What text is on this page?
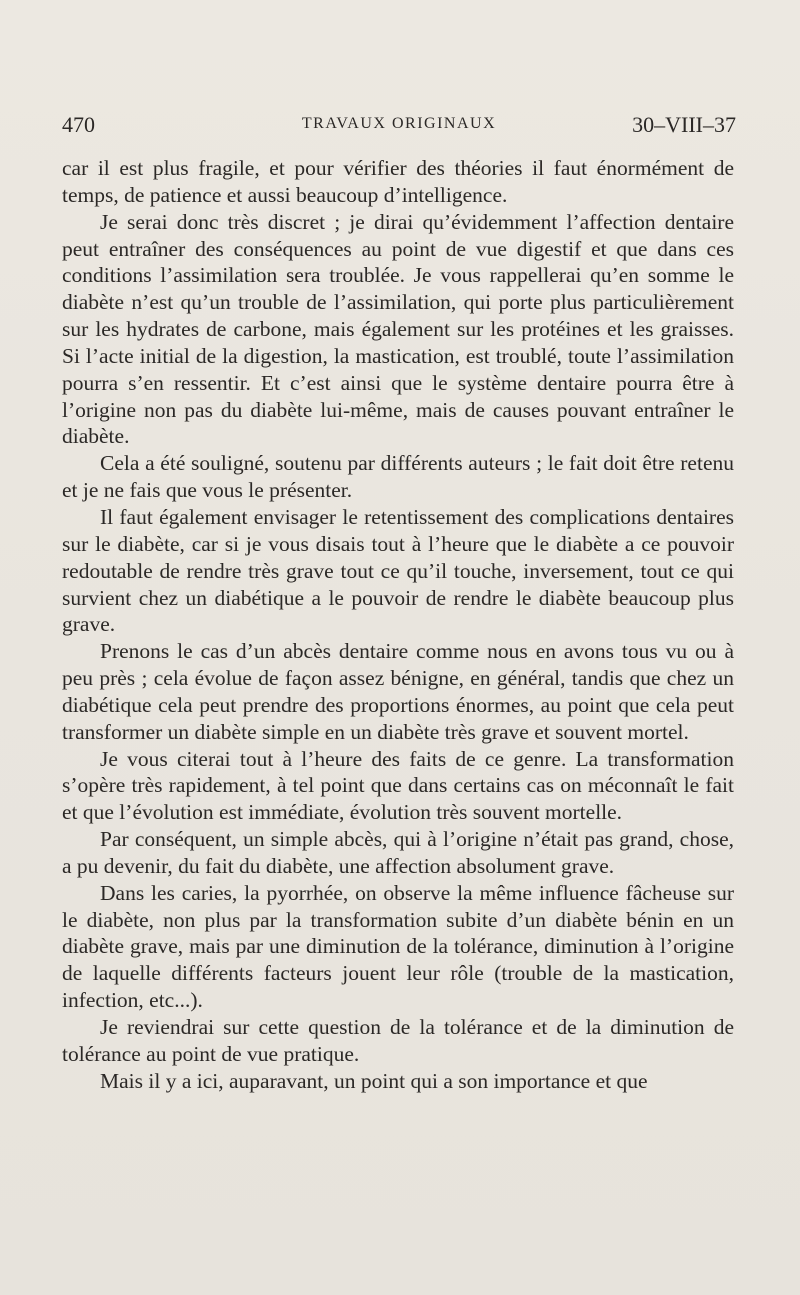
470	TRAVAUX ORIGINAUX	30–VIII–37

car il est plus fragile, et pour vérifier des théories il faut énormément de temps, de patience et aussi beaucoup d’intelligence.

Je serai donc très discret ; je dirai qu’évidemment l’affection dentaire peut entraîner des conséquences au point de vue digestif et que dans ces conditions l’assimilation sera troublée. Je vous rappellerai qu’en somme le diabète n’est qu’un trouble de l’assimilation, qui porte plus particulièrement sur les hydrates de carbone, mais également sur les protéines et les graisses. Si l’acte initial de la digestion, la mastication, est troublé, toute l’assimilation pourra s’en ressentir. Et c’est ainsi que le système dentaire pourra être à l’origine non pas du diabète lui-même, mais de causes pouvant entraîner le diabète.

Cela a été souligné, soutenu par différents auteurs ; le fait doit être retenu et je ne fais que vous le présenter.

Il faut également envisager le retentissement des complications dentaires sur le diabète, car si je vous disais tout à l’heure que le diabète a ce pouvoir redoutable de rendre très grave tout ce qu’il touche, inversement, tout ce qui survient chez un diabétique a le pouvoir de rendre le diabète beaucoup plus grave.

Prenons le cas d’un abcès dentaire comme nous en avons tous vu ou à peu près ; cela évolue de façon assez bénigne, en général, tandis que chez un diabétique cela peut prendre des proportions énormes, au point que cela peut transformer un diabète simple en un diabète très grave et souvent mortel.

Je vous citerai tout à l’heure des faits de ce genre. La transformation s’opère très rapidement, à tel point que dans certains cas on méconnaît le fait et que l’évolution est immédiate, évolution très souvent mortelle.

Par conséquent, un simple abcès, qui à l’origine n’était pas grand, chose, a pu devenir, du fait du diabète, une affection absolument grave.

Dans les caries, la pyorrhée, on observe la même influence fâcheuse sur le diabète, non plus par la transformation subite d’un diabète bénin en un diabète grave, mais par une diminution de la tolérance, diminution à l’origine de laquelle différents facteurs jouent leur rôle (trouble de la mastication, infection, etc...).

Je reviendrai sur cette question de la tolérance et de la diminution de tolérance au point de vue pratique.

Mais il y a ici, auparavant, un point qui a son importance et que
